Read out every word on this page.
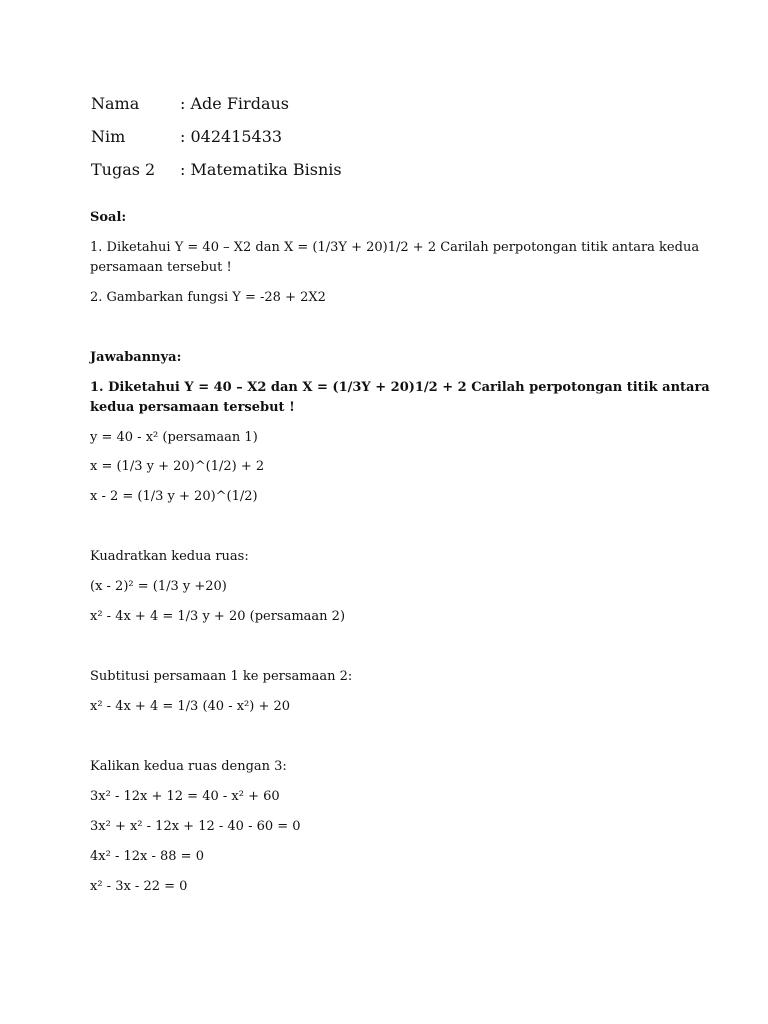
Nama	: Ade Firdaus
Nim	: 042415433
Tugas 2 : Matematika Bisnis
Soal:
1. Diketahui Y = 40 – X2 dan X = (1/3Y + 20)1/2 + 2 Carilah perpotongan titik antara kedua
persamaan tersebut !
2. Gambarkan fungsi Y = -28 + 2X2
Jawabannya:
1. Diketahui Y = 40 – X2 dan X = (1/3Y + 20)1/2 + 2 Carilah perpotongan titik antara
kedua persamaan tersebut !
y = 40 - x² (persamaan 1)
x = (1/3 y + 20)^(1/2) + 2
x - 2 = (1/3 y + 20)^(1/2)
Kuadratkan kedua ruas:
(x - 2)² = (1/3 y +20)
x² - 4x + 4 = 1/3 y + 20 (persamaan 2)
Subtitusi persamaan 1 ke persamaan 2:
x² - 4x + 4 = 1/3 (40 - x²) + 20
Kalikan kedua ruas dengan 3:
3x² - 12x + 12 = 40 - x² + 60
3x² + x² - 12x + 12 - 40 - 60 = 0
4x² - 12x - 88 = 0
x² - 3x - 22 = 0
